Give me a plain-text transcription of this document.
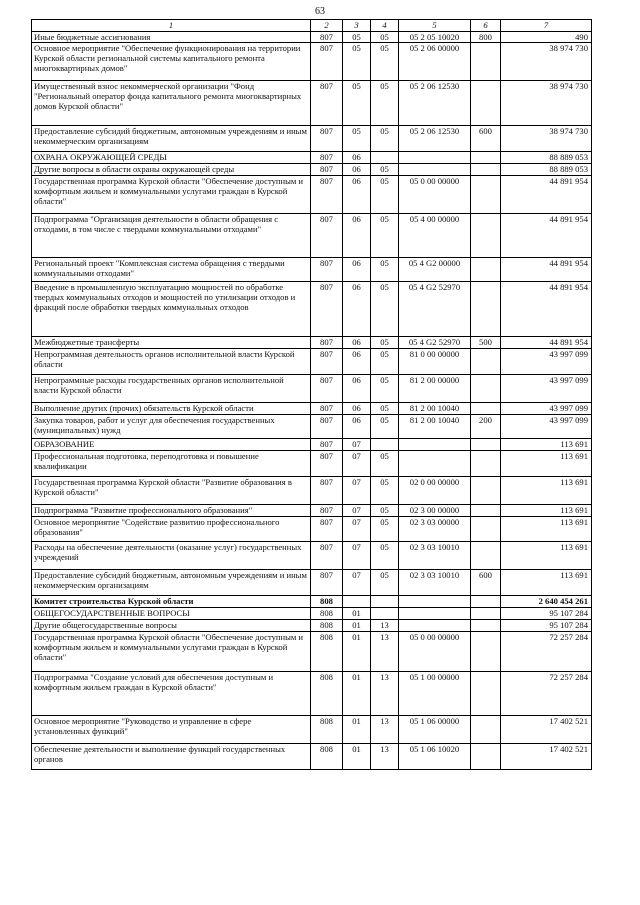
63
1	2	3	4	5	6	7
Иные бюджетные ассигнования	807	05	05	05 2 05 10020	800	490
Основное мероприятие "Обеспечение функционирования на территории Курской области региональной системы капитального ремонта многоквартирных домов"	807	05	05	05 2 06 00000		38 974 730
Имущественный взнос некоммерческой организации "Фонд "Региональный оператор фонда капитального ремонта многоквартирных домов Курской области"	807	05	05	05 2 06 12530		38 974 730
Предоставление субсидий бюджетным, автономным учреждениям и иным некоммерческим организациям	807	05	05	05 2 06 12530	600	38 974 730
ОХРАНА ОКРУЖАЮЩЕЙ СРЕДЫ	807	06				88 889 053
Другие вопросы в области охраны окружающей среды	807	06	05			88 889 053
Государственная программа Курской области "Обеспечение доступным и комфортным жильем и коммунальными услугами граждан в Курской области"	807	06	05	05 0 00 00000		44 891 954
Подпрограмма "Организация деятельности в области обращения с отходами, в том числе с твердыми коммунальными отходами"	807	06	05	05 4 00 00000		44 891 954
Региональный проект "Комплексная система обращения с твердыми коммунальными отходами"	807	06	05	05 4 G2 00000		44 891 954
Введение в промышленную эксплуатацию мощностей по обработке твердых коммунальных отходов и мощностей по утилизации отходов и фракций после обработки твердых коммунальных отходов	807	06	05	05 4 G2 52970		44 891 954
Межбюджетные трансферты	807	06	05	05 4 G2 52970	500	44 891 954
Непрограммная деятельность органов исполнительной власти Курской области	807	06	05	81 0 00 00000		43 997 099
Непрограммные расходы государственных органов исполнительной власти Курской области	807	06	05	81 2 00 00000		43 997 099
Выполнение других (прочих) обязательств Курской области	807	06	05	81 2 00 10040		43 997 099
Закупка товаров, работ и услуг для обеспечения государственных (муниципальных) нужд	807	06	05	81 2 00 10040	200	43 997 099
ОБРАЗОВАНИЕ	807	07				113 691
Профессиональная подготовка, переподготовка и повышение квалификации	807	07	05			113 691
Государственная программа Курской области "Развитие образования в Курской области"	807	07	05	02 0 00 00000		113 691
Подпрограмма "Развитие профессионального образования"	807	07	05	02 3 00 00000		113 691
Основное мероприятие "Содействие развитию профессионального образования"	807	07	05	02 3 03 00000		113 691
Расходы на обеспечение деятельности (оказание услуг) государственных учреждений	807	07	05	02 3 03 10010		113 691
Предоставление субсидий бюджетным, автономным учреждениям и иным некоммерческим организациям	807	07	05	02 3 03 10010	600	113 691
Комитет строительства Курской области	808					2 640 454 261
ОБЩЕГОСУДАРСТВЕННЫЕ ВОПРОСЫ	808	01				95 107 284
Другие общегосударственные вопросы	808	01	13			95 107 284
Государственная программа Курской области "Обеспечение доступным и комфортным жильем и коммунальными услугами граждан в Курской области"	808	01	13	05 0 00 00000		72 257 284
Подпрограмма "Создание условий для обеспечения доступным и комфортным жильем граждан в Курской области"	808	01	13	05 1 00 00000		72 257 284
Основное мероприятие "Руководство и управление в сфере установленных функций"	808	01	13	05 1 06 00000		17 402 521
Обеспечение деятельности и выполнение функций государственных органов	808	01	13	05 1 06 10020		17 402 521
